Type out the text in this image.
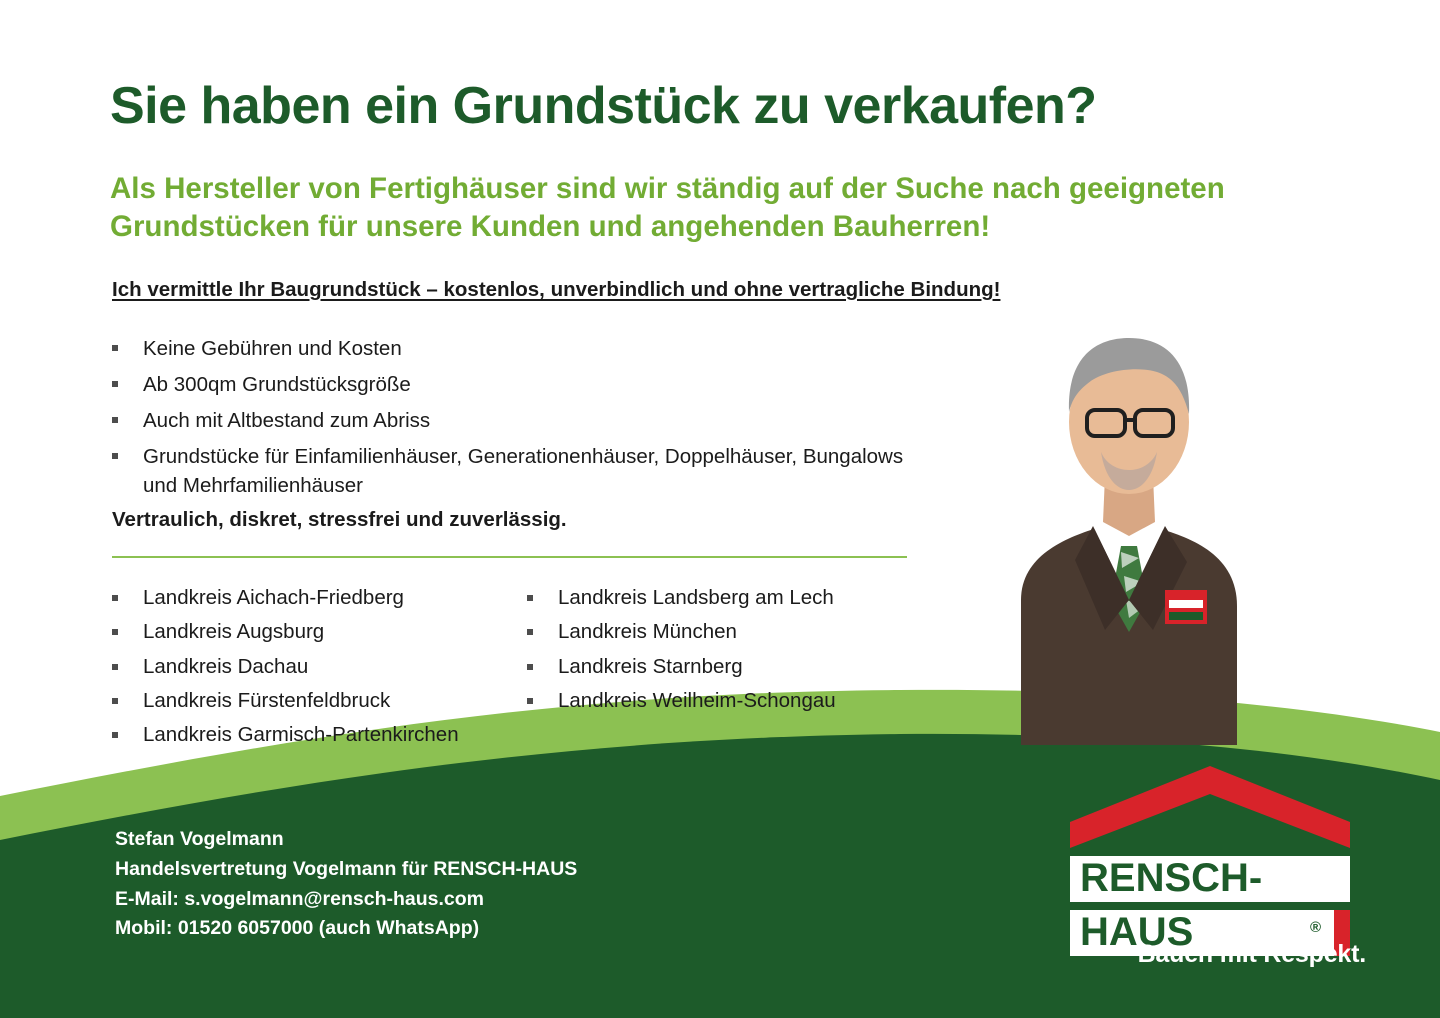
Sie haben ein Grundstück zu verkaufen?
Als Hersteller von Fertighäuser sind wir ständig auf der Suche nach geeigneten Grundstücken für unsere Kunden und angehenden Bauherren!
Ich vermittle Ihr Baugrundstück – kostenlos, unverbindlich und ohne vertragliche Bindung!
Keine Gebühren und Kosten
Ab 300qm Grundstücksgröße
Auch mit Altbestand zum Abriss
Grundstücke für Einfamilienhäuser, Generationenhäuser, Doppelhäuser, Bungalows und Mehrfamilienhäuser
Vertraulich, diskret, stressfrei und zuverlässig.
Landkreis Aichach-Friedberg
Landkreis Augsburg
Landkreis Dachau
Landkreis Fürstenfeldbruck
Landkreis Garmisch-Partenkirchen
Landkreis Landsberg am Lech
Landkreis München
Landkreis Starnberg
Landkreis Weilheim-Schongau
Stefan Vogelmann
Handelsvertretung Vogelmann für RENSCH-HAUS
E-Mail: s.vogelmann@rensch-haus.com
Mobil: 01520 6057000 (auch WhatsApp)
RENSCH-
HAUS	®
Bauen mit Respekt.
